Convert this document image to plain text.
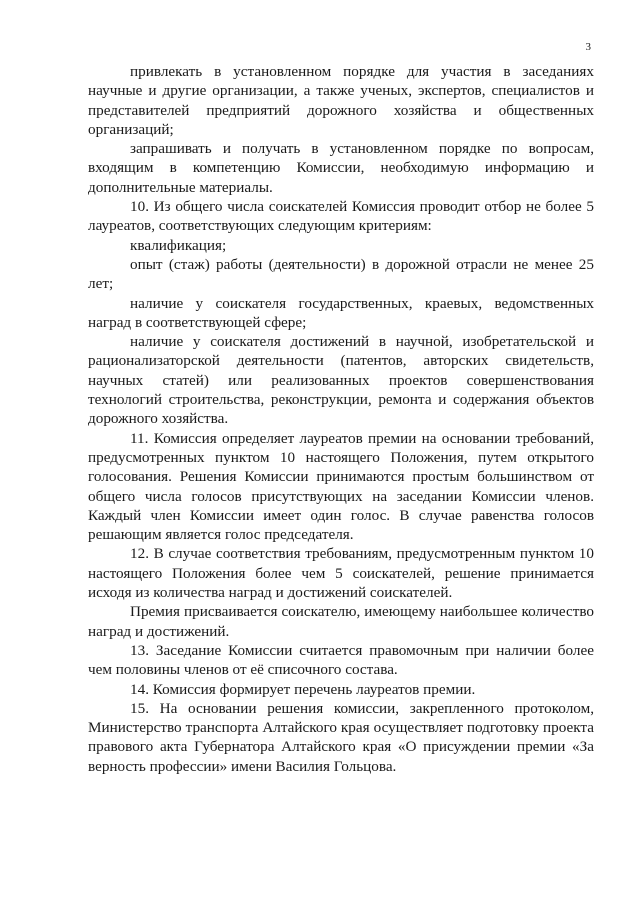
3

привлекать в установленном порядке для участия в заседаниях научные и другие организации, а также ученых, экспертов, специалистов и представителей предприятий дорожного хозяйства и общественных организаций;

запрашивать и получать в установленном порядке по вопросам, входящим в компетенцию Комиссии, необходимую информацию и дополнительные материалы.

10. Из общего числа соискателей Комиссия проводит отбор не более 5 лауреатов, соответствующих следующим критериям:

квалификация;

опыт (стаж) работы (деятельности) в дорожной отрасли не менее 25 лет;

наличие у соискателя государственных, краевых, ведомственных наград в соответствующей сфере;

наличие у соискателя достижений в научной, изобретательской и рационализаторской деятельности (патентов, авторских свидетельств, научных статей) или реализованных проектов совершенствования технологий строительства, реконструкции, ремонта и содержания объектов дорожного хозяйства.

11. Комиссия определяет лауреатов премии на основании требований, предусмотренных пунктом 10 настоящего Положения, путем открытого голосования. Решения Комиссии принимаются простым большинством от общего числа голосов присутствующих на заседании Комиссии членов. Каждый член Комиссии имеет один голос. В случае равенства голосов решающим является голос председателя.

12. В случае соответствия требованиям, предусмотренным пунктом 10 настоящего Положения более чем 5 соискателей, решение принимается исходя из количества наград и достижений соискателей.

Премия присваивается соискателю, имеющему наибольшее количество наград и достижений.

13. Заседание Комиссии считается правомочным при наличии более чем половины членов от её списочного состава.

14. Комиссия формирует перечень лауреатов премии.

15. На основании решения комиссии, закрепленного протоколом, Министерство транспорта Алтайского края осуществляет подготовку проекта правового акта Губернатора Алтайского края «О присуждении премии «За верность профессии» имени Василия Гольцова.
